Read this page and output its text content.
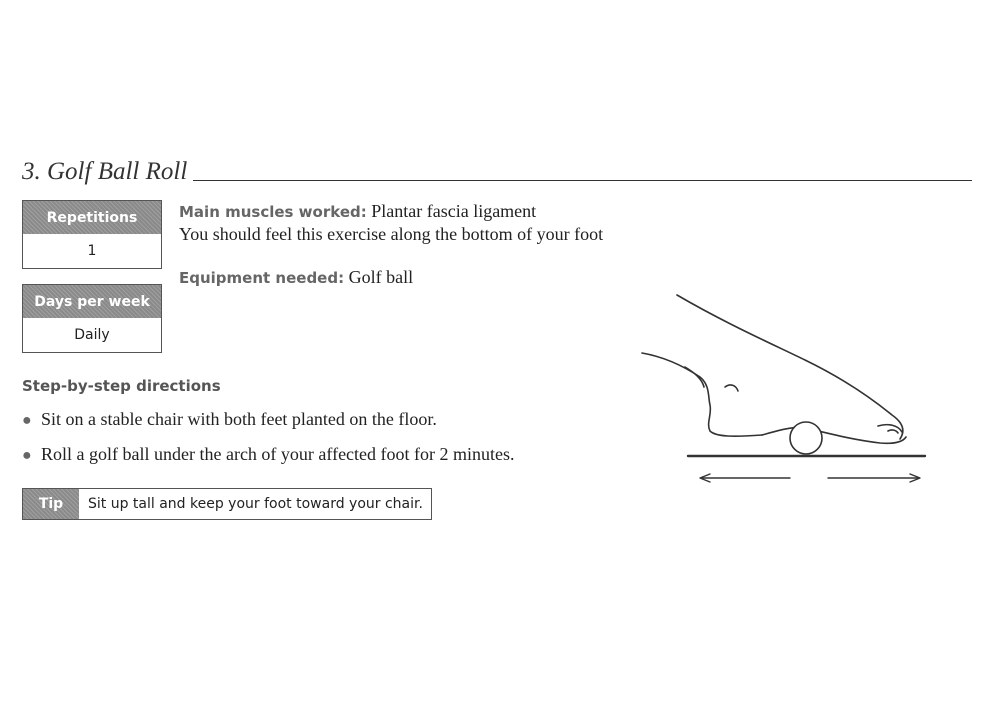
3. Golf Ball Roll
Repetitions
1
Days per week
Daily
Main muscles worked: Plantar fascia ligament
You should feel this exercise along the bottom of your foot
Equipment needed: Golf ball
Step-by-step directions
● Sit on a stable chair with both feet planted on the floor.
● Roll a golf ball under the arch of your affected foot for 2 minutes.
Tip	Sit up tall and keep your foot toward your chair.
